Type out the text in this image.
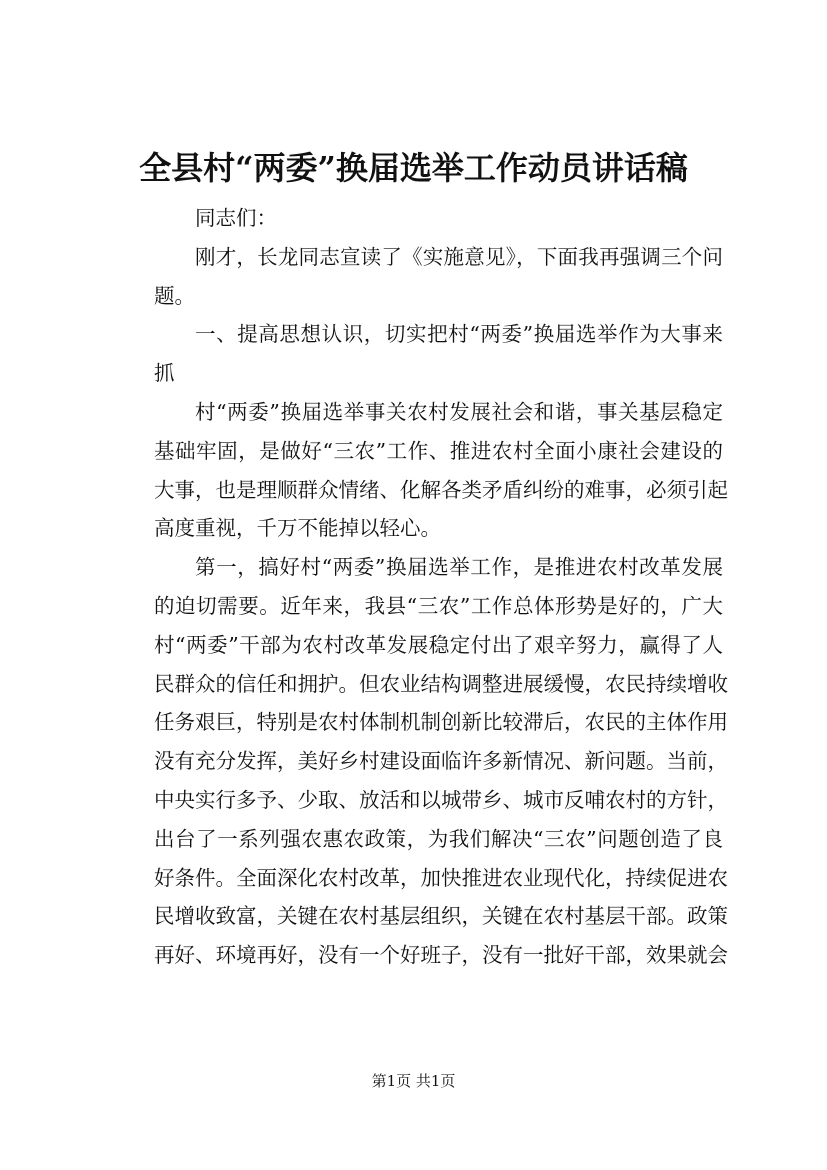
全县村“两委”换届选举工作动员讲话稿
同志们：
刚才，长龙同志宣读了《实施意见》，下面我再强调三个问
题。
一、提高思想认识，切实把村“两委”换届选举作为大事来
抓
村“两委”换届选举事关农村发展社会和谐，事关基层稳定
基础牢固，是做好“三农”工作、推进农村全面小康社会建设的
大事，也是理顺群众情绪、化解各类矛盾纠纷的难事，必须引起
高度重视，千万不能掉以轻心。
第一，搞好村“两委”换届选举工作，是推进农村改革发展
的迫切需要。近年来，我县“三农”工作总体形势是好的，广大
村“两委”干部为农村改革发展稳定付出了艰辛努力，赢得了人
民群众的信任和拥护。但农业结构调整进展缓慢，农民持续增收
任务艰巨，特别是农村体制机制创新比较滞后，农民的主体作用
没有充分发挥，美好乡村建设面临许多新情况、新问题。当前，
中央实行多予、少取、放活和以城带乡、城市反哺农村的方针，
出台了一系列强农惠农政策，为我们解决“三农”问题创造了良
好条件。全面深化农村改革，加快推进农业现代化，持续促进农
民增收致富，关键在农村基层组织，关键在农村基层干部。政策
再好、环境再好，没有一个好班子，没有一批好干部，效果就会
第1页 共1页
